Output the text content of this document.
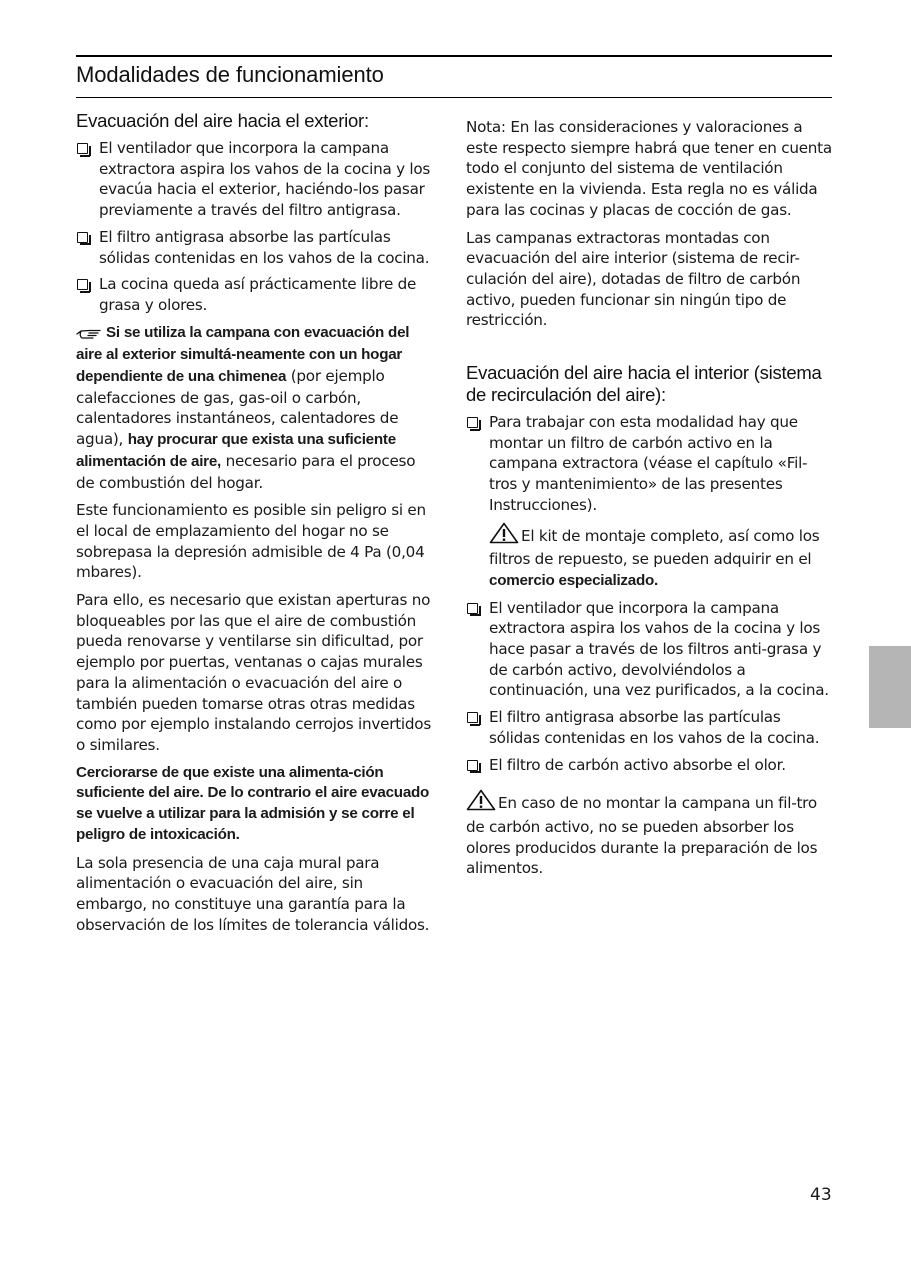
Modalidades de funcionamiento
Evacuación del aire hacia el exterior:
El ventilador que incorpora la campana extractora aspira los vahos de la cocina y los evacúa hacia el exterior, haciéndo-los pasar previamente a través del filtro antigrasa.
El filtro antigrasa absorbe las partículas sólidas contenidas en los vahos de la cocina.
La cocina queda así prácticamente libre de grasa y olores.

Si se utiliza la campana con evacuación del aire al exterior simultá-neamente con un hogar dependiente de una chimenea (por ejemplo calefacciones de gas, gas-oil o carbón, calentadores instantáneos, calentadores de agua), hay procurar que exista una suficiente alimentación de aire, necesario para el proceso de combustión del hogar.

Este funcionamiento es posible sin peligro si en el local de emplazamiento del hogar no se sobrepasa la depresión admisible de 4 Pa (0,04 mbares).

Para ello, es necesario que existan aperturas no bloqueables por las que el aire de combustión pueda renovarse y ventilarse sin dificultad, por ejemplo por puertas, ventanas o cajas murales para la alimentación o evacuación del aire o también pueden tomarse otras otras medidas como por ejemplo instalando cerrojos invertidos o similares.

Cerciorarse de que existe una alimenta-ción suficiente del aire. De lo contrario el aire evacuado se vuelve a utilizar para la admisión y se corre el peligro de intoxicación.

La sola presencia de una caja mural para alimentación o evacuación del aire, sin embargo, no constituye una garantía para la observación de los límites de tolerancia válidos.

Nota: En las consideraciones y valoraciones a este respecto siempre habrá que tener en cuenta todo el conjunto del sistema de ventilación existente en la vivienda. Esta regla no es válida para las cocinas y placas de cocción de gas.

Las campanas extractoras montadas con evacuación del aire interior (sistema de recir-culación del aire), dotadas de filtro de carbón activo, pueden funcionar sin ningún tipo de restricción.

Evacuación del aire hacia el interior (sistema de recirculación del aire):
Para trabajar con esta modalidad hay que montar un filtro de carbón activo en la campana extractora (véase el capítulo «Fil-tros y mantenimiento» de las presentes Instrucciones).

El kit de montaje completo, así como los filtros de repuesto, se pueden adquirir en el comercio especializado.

El ventilador que incorpora la campana extractora aspira los vahos de la cocina y los hace pasar a través de los filtros anti-grasa y de carbón activo, devolviéndolos a continuación, una vez purificados, a la cocina.
El filtro antigrasa absorbe las partículas sólidas contenidas en los vahos de la cocina.
El filtro de carbón activo absorbe el olor.

En caso de no montar la campana un fil-tro de carbón activo, no se pueden absorber los olores producidos durante la preparación de los alimentos.

43
